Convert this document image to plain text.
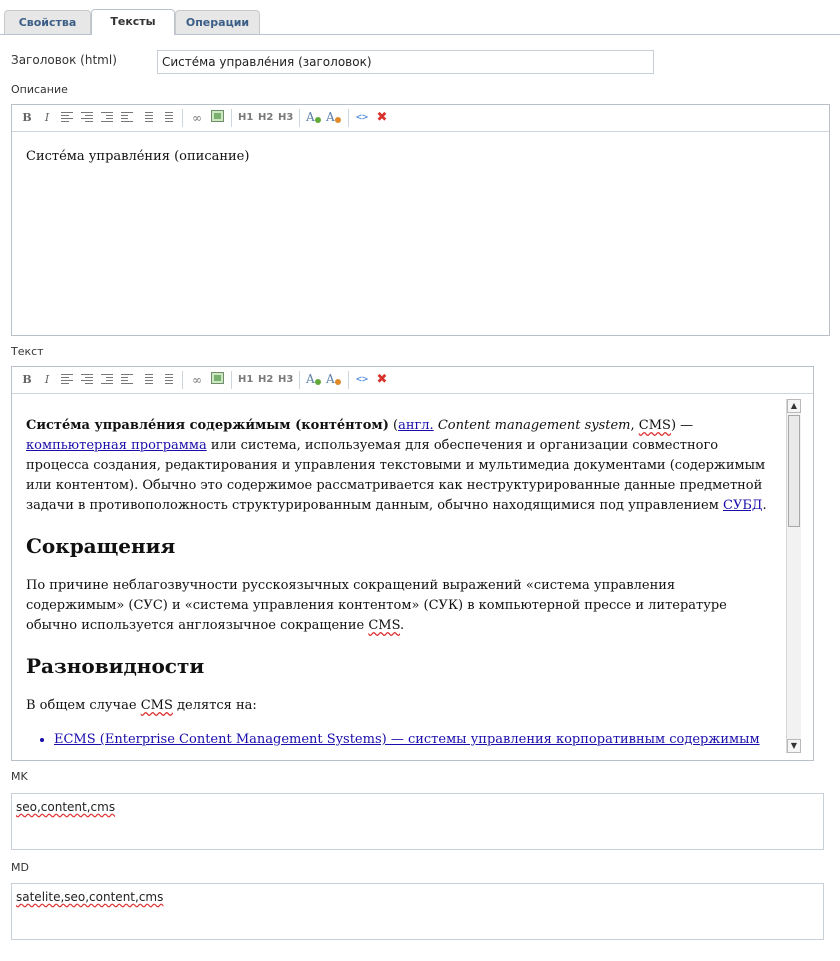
Свойства	Тексты	Операции
Заголовок (html)	Систе́ма управле́ния (заголовок)
Описание
B I	∞	H1 H2 H3 A A <> ✖

Систе́ма управле́ния (описание)

Текст
B I	∞	H1 H2 H3 A A <> ✖

Систе́ма управле́ния содержи́мым (конте́нтом) (англ. Content management system, CMS) — компьютерная программа или система, используемая для обеспечения и организации совместного процесса создания, редактирования и управления текстовыми и мультимедиа документами (содержимым или контентом). Обычно это содержимое рассматривается как неструктурированные данные предметной задачи в противоположность структурированным данным, обычно находящимися под управлением СУБД.

Сокращения

По причине неблагозвучности русскоязычных сокращений выражений «система управления содержимым» (СУС) и «система управления контентом» (СУК) в компьютерной прессе и литературе обычно используется англоязычное сокращение CMS.

Разновидности

В общем случае CMS делятся на:

• ECMS (Enterprise Content Management Systems) — системы управления корпоративным содержимым
▲
▼
MK
seo,content,cms
MD
satelite,seo,content,cms
